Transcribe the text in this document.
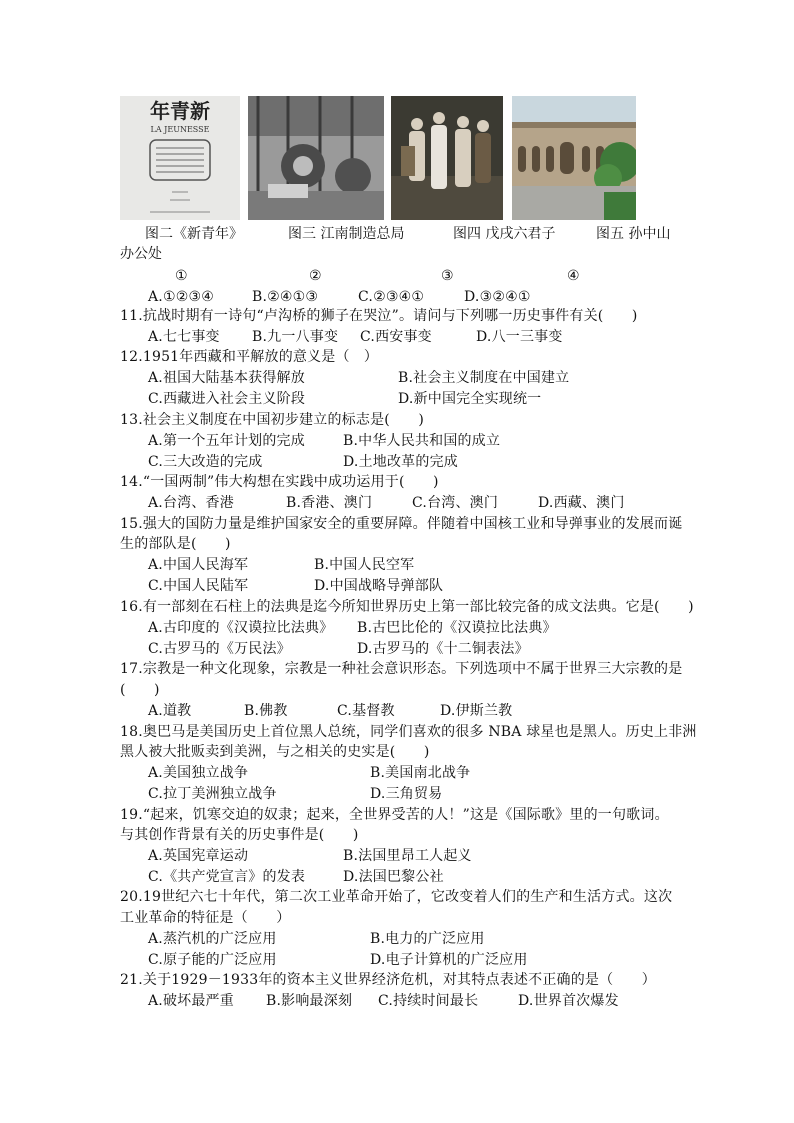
年青新
LA JEUNESSE
图二《新青年》	图三 江南制造总局	图四 戊戌六君子	图五 孙中山
办公处
①	②	③	④
A.①②③④	B.②④①③	C.②③④①	D.③②④①
11.抗战时期有一诗句“卢沟桥的狮子在哭泣”。请问与下列哪一历史事件有关(　　)
A.七七事变 B.九一八事变 C.西安事变	D.八一三事变
12.1951年西藏和平解放的意义是（　）
A.祖国大陆基本获得解放	B.社会主义制度在中国建立
C.西藏进入社会主义阶段	D.新中国完全实现统一
13.社会主义制度在中国初步建立的标志是(　　)
A.第一个五年计划的完成	B.中华人民共和国的成立
C.三大改造的完成	D.土地改革的完成
14.“一国两制”伟大构想在实践中成功运用于(　　)
A.台湾、香港	B.香港、澳门	C.台湾、澳门	D.西藏、澳门
15.强大的国防力量是维护国家安全的重要屏障。伴随着中国核工业和导弹事业的发展而诞
生的部队是(　　)
A.中国人民海军	B.中国人民空军
C.中国人民陆军	D.中国战略导弹部队
16.有一部刻在石柱上的法典是迄今所知世界历史上第一部比较完备的成文法典。它是(　　)
A.古印度的《汉谟拉比法典》 B.古巴比伦的《汉谟拉比法典》
C.古罗马的《万民法》	D.古罗马的《十二铜表法》
17.宗教是一种文化现象，宗教是一种社会意识形态。下列选项中不属于世界三大宗教的是
(　　)
A.道教	B.佛教	C.基督教	D.伊斯兰教
18.奥巴马是美国历史上首位黑人总统，同学们喜欢的很多 NBA 球星也是黑人。历史上非洲
黑人被大批贩卖到美洲，与之相关的史实是(　　)
A.美国独立战争	B.美国南北战争
C.拉丁美洲独立战争	D.三角贸易
19.“起来，饥寒交迫的奴隶；起来，全世界受苦的人！”这是《国际歌》里的一句歌词。
与其创作背景有关的历史事件是(　　)
A.英国宪章运动	B.法国里昂工人起义
C.《共产党宣言》的发表	D.法国巴黎公社
20.19世纪六七十年代，第二次工业革命开始了，它改变着人们的生产和生活方式。这次
工业革命的特征是（　　）
A.蒸汽机的广泛应用	B.电力的广泛应用
C.原子能的广泛应用	D.电子计算机的广泛应用
21.关于1929－1933年的资本主义世界经济危机，对其特点表述不正确的是（　　）
A.破坏最严重 B.影响最深刻 C.持续时间最长	D.世界首次爆发
